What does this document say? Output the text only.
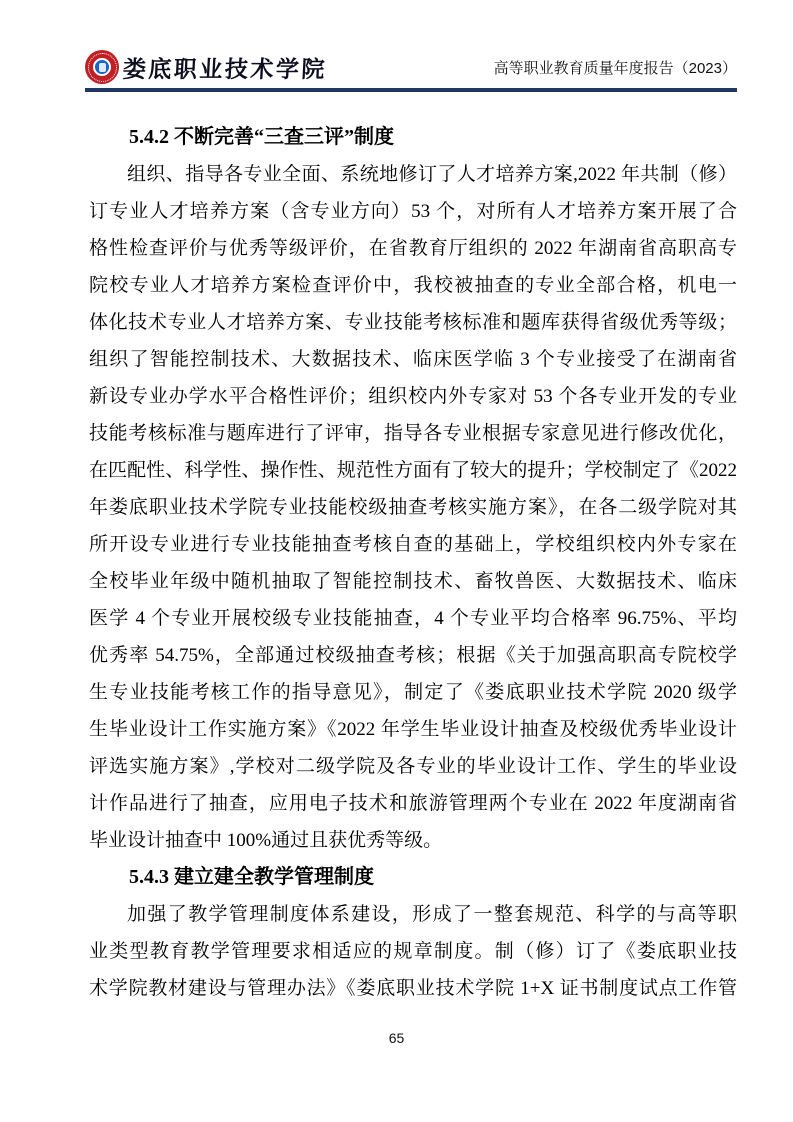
娄底职业技术学院	高等职业教育质量年度报告（2023）
5.4.2 不断完善“三查三评”制度
组织、指导各专业全面、系统地修订了人才培养方案,2022 年共制（修）
订专业人才培养方案（含专业方向）53 个，对所有人才培养方案开展了合
格性检查评价与优秀等级评价，在省教育厅组织的 2022 年湖南省高职高专
院校专业人才培养方案检查评价中，我校被抽查的专业全部合格，机电一
体化技术专业人才培养方案、专业技能考核标准和题库获得省级优秀等级；
组织了智能控制技术、大数据技术、临床医学临 3 个专业接受了在湖南省
新设专业办学水平合格性评价；组织校内外专家对 53 个各专业开发的专业
技能考核标准与题库进行了评审，指导各专业根据专家意见进行修改优化，
在匹配性、科学性、操作性、规范性方面有了较大的提升；学校制定了《2022
年娄底职业技术学院专业技能校级抽查考核实施方案》，在各二级学院对其
所开设专业进行专业技能抽查考核自查的基础上，学校组织校内外专家在
全校毕业年级中随机抽取了智能控制技术、畜牧兽医、大数据技术、临床
医学 4 个专业开展校级专业技能抽查，4 个专业平均合格率 96.75%、平均
优秀率 54.75%，全部通过校级抽查考核；根据《关于加强高职高专院校学
生专业技能考核工作的指导意见》，制定了《娄底职业技术学院 2020 级学
生毕业设计工作实施方案》《2022 年学生毕业设计抽查及校级优秀毕业设计
评选实施方案》,学校对二级学院及各专业的毕业设计工作、学生的毕业设
计作品进行了抽查，应用电子技术和旅游管理两个专业在 2022 年度湖南省
毕业设计抽查中 100%通过且获优秀等级。
5.4.3 建立建全教学管理制度
加强了教学管理制度体系建设，形成了一整套规范、科学的与高等职
业类型教育教学管理要求相适应的规章制度。制（修）订了《娄底职业技
术学院教材建设与管理办法》《娄底职业技术学院 1+X 证书制度试点工作管
65
